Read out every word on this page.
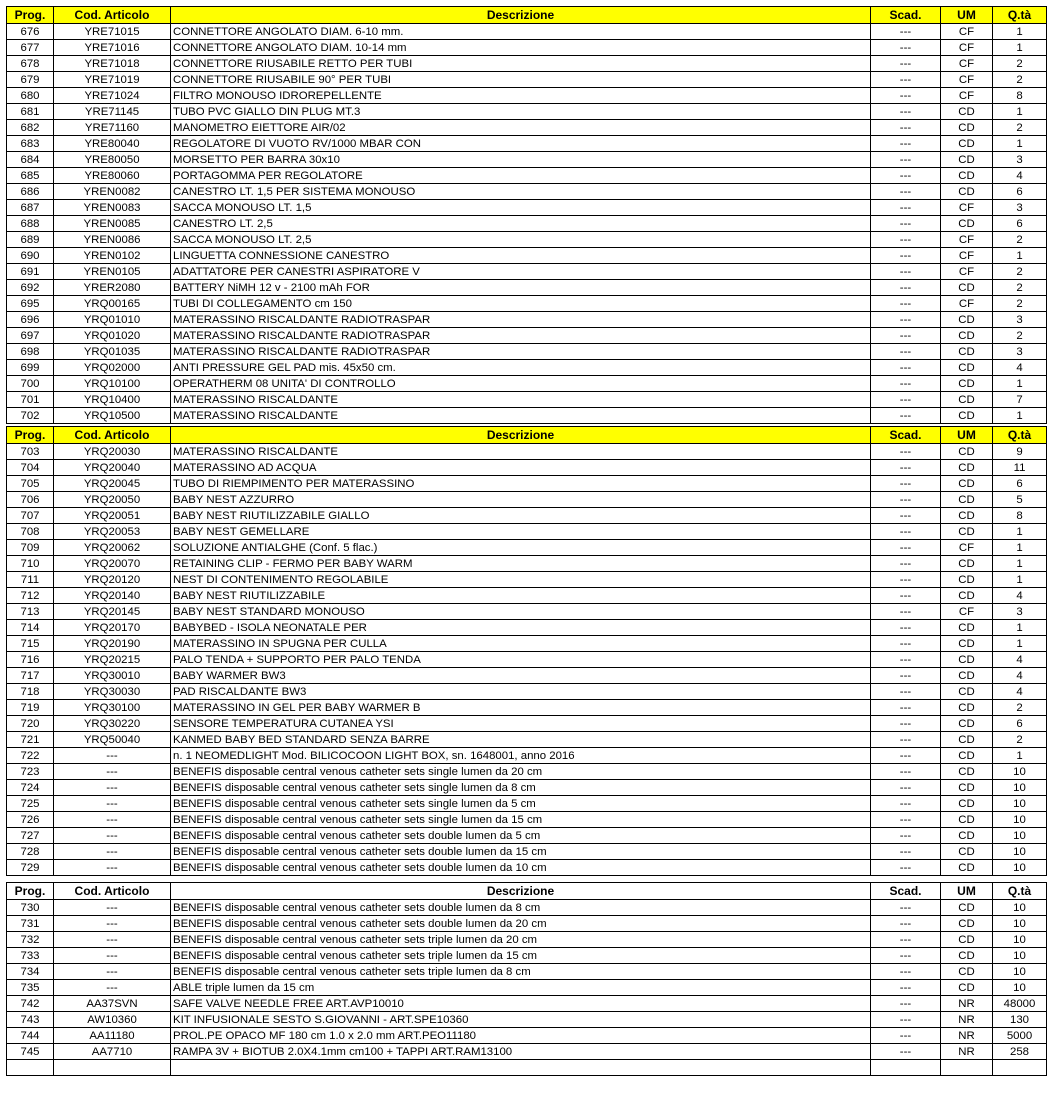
Prog.	Cod. Articolo	Descrizione	Scad.	UM	Q.tà
676	YRE71015	CONNETTORE ANGOLATO DIAM. 6-10 mm.	---	CF	1
677	YRE71016	CONNETTORE ANGOLATO DIAM. 10-14 mm	---	CF	1
678	YRE71018	CONNETTORE RIUSABILE RETTO PER TUBI	---	CF	2
679	YRE71019	CONNETTORE RIUSABILE 90° PER TUBI	---	CF	2
680	YRE71024	FILTRO MONOUSO IDROREPELLENTE	---	CF	8
681	YRE71145	TUBO PVC GIALLO DIN PLUG MT.3	---	CD	1
682	YRE71160	MANOMETRO EIETTORE AIR/02	---	CD	2
683	YRE80040	REGOLATORE DI VUOTO RV/1000 MBAR CON	---	CD	1
684	YRE80050	MORSETTO PER BARRA 30x10	---	CD	3
685	YRE80060	PORTAGOMMA PER REGOLATORE	---	CD	4
686	YREN0082	CANESTRO LT. 1,5 PER SISTEMA MONOUSO	---	CD	6
687	YREN0083	SACCA MONOUSO LT. 1,5	---	CF	3
688	YREN0085	CANESTRO LT. 2,5	---	CD	6
689	YREN0086	SACCA MONOUSO LT. 2,5	---	CF	2
690	YREN0102	LINGUETTA CONNESSIONE CANESTRO	---	CF	1
691	YREN0105	ADATTATORE PER CANESTRI ASPIRATORE V	---	CF	2
692	YRER2080	BATTERY NiMH 12 v - 2100 mAh FOR	---	CD	2
695	YRQ00165	TUBI DI COLLEGAMENTO cm 150	---	CF	2
696	YRQ01010	MATERASSINO RISCALDANTE RADIOTRASPAR	---	CD	3
697	YRQ01020	MATERASSINO RISCALDANTE RADIOTRASPAR	---	CD	2
698	YRQ01035	MATERASSINO RISCALDANTE RADIOTRASPAR	---	CD	3
699	YRQ02000	ANTI PRESSURE GEL PAD mis. 45x50 cm.	---	CD	4
700	YRQ10100	OPERATHERM 08 UNITA' DI CONTROLLO	---	CD	1
701	YRQ10400	MATERASSINO RISCALDANTE	---	CD	7
702	YRQ10500	MATERASSINO RISCALDANTE	---	CD	1
Prog.	Cod. Articolo	Descrizione	Scad.	UM	Q.tà
703	YRQ20030	MATERASSINO RISCALDANTE	---	CD	9
704	YRQ20040	MATERASSINO AD ACQUA	---	CD	11
705	YRQ20045	TUBO DI RIEMPIMENTO PER MATERASSINO	---	CD	6
706	YRQ20050	BABY NEST AZZURRO	---	CD	5
707	YRQ20051	BABY NEST RIUTILIZZABILE GIALLO	---	CD	8
708	YRQ20053	BABY NEST GEMELLARE	---	CD	1
709	YRQ20062	SOLUZIONE ANTIALGHE (Conf. 5 flac.)	---	CF	1
710	YRQ20070	RETAINING CLIP - FERMO PER BABY WARM	---	CD	1
711	YRQ20120	NEST DI CONTENIMENTO REGOLABILE	---	CD	1
712	YRQ20140	BABY NEST RIUTILIZZABILE	---	CD	4
713	YRQ20145	BABY NEST STANDARD MONOUSO	---	CF	3
714	YRQ20170	BABYBED - ISOLA NEONATALE PER	---	CD	1
715	YRQ20190	MATERASSINO IN SPUGNA PER CULLA	---	CD	1
716	YRQ20215	PALO TENDA + SUPPORTO PER PALO TENDA	---	CD	4
717	YRQ30010	BABY WARMER BW3	---	CD	4
718	YRQ30030	PAD RISCALDANTE BW3	---	CD	4
719	YRQ30100	MATERASSINO IN GEL PER BABY WARMER B	---	CD	2
720	YRQ30220	SENSORE TEMPERATURA CUTANEA YSI	---	CD	6
721	YRQ50040	KANMED BABY BED STANDARD SENZA BARRE	---	CD	2
722	---	n. 1 NEOMEDLIGHT Mod. BILICOCOON LIGHT BOX, sn. 1648001, anno 2016	---	CD	1
723	---	BENEFIS disposable central venous catheter sets single lumen da 20 cm	---	CD	10
724	---	BENEFIS disposable central venous catheter sets single lumen da 8 cm	---	CD	10
725	---	BENEFIS disposable central venous catheter sets single lumen da 5 cm	---	CD	10
726	---	BENEFIS disposable central venous catheter sets single lumen da 15 cm	---	CD	10
727	---	BENEFIS disposable central venous catheter sets double lumen da 5 cm	---	CD	10
728	---	BENEFIS disposable central venous catheter sets double lumen da 15 cm	---	CD	10
729	---	BENEFIS disposable central venous catheter sets double lumen da 10 cm	---	CD	10
Prog.	Cod. Articolo	Descrizione	Scad.	UM	Q.tà
730	---	BENEFIS disposable central venous catheter sets double lumen da 8 cm	---	CD	10
731	---	BENEFIS disposable central venous catheter sets double lumen da 20 cm	---	CD	10
732	---	BENEFIS disposable central venous catheter sets triple lumen da 20 cm	---	CD	10
733	---	BENEFIS disposable central venous catheter sets triple lumen da 15 cm	---	CD	10
734	---	BENEFIS disposable central venous catheter sets triple lumen da 8 cm	---	CD	10
735	---	ABLE triple lumen da 15 cm	---	CD	10
742	AA37SVN	SAFE VALVE NEEDLE FREE ART.AVP10010	---	NR	48000
743	AW10360	KIT INFUSIONALE SESTO S.GIOVANNI - ART.SPE10360	---	NR	130
744	AA11180	PROL.PE OPACO MF 180 cm 1.0 x 2.0 mm ART.PEO11180	---	NR	5000
745	AA7710	RAMPA 3V + BIOTUB 2.0X4.1mm cm100 + TAPPI ART.RAM13100	---	NR	258
